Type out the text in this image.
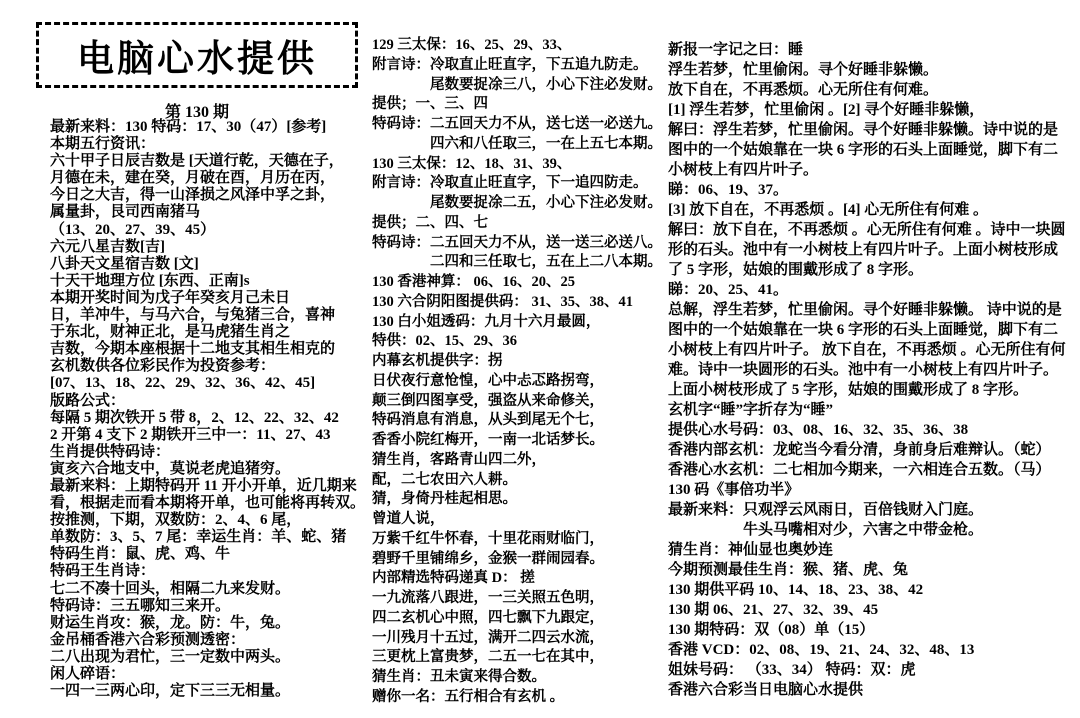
电脑心水提供
第 130 期
最新来料：130 特码：17、30（47）[参考]
本期五行资讯：
六十甲子日辰吉数是 [天道行乾，天德在子，
月德在未，建在癸，月破在酉，月历在丙，
今日之大吉，得一山泽损之风泽中孚之卦，
属量卦，艮司西南猪马
（13、20、27、39、45）
六元八星吉数[吉]
八卦天文星宿吉数 [文]
十天干地理方位 [东西、正南]s
本期开奖时间为戊子年癸亥月己未日
日，羊冲牛，与马六合，与兔猪三合，喜神
于东北，财神正北，是马虎猪生肖之
吉数，今期本座根据十二地支其相生相克的
玄机数供各位彩民作为投资参考：
[07、13、18、22、29、32、36、42、45]
版路公式：
每隔 5 期次铁开 5 带 8，2、12、22、32、42
2 开第 4 支下 2 期铁开三中一：11、27、43
生肖提供特码诗：
寅亥六合地支中，莫说老虎追猪穷。
最新来料：上期特码开 11 开小开单，近几期来
看，根据走而看本期将开单，也可能将再转双。
按推测，下期，双数防：2、4、6 尾，
单数防：3、5、7 尾：幸运生肖：羊、蛇、猪
特码生肖：鼠、虎、鸡、牛
特码王生肖诗：
七二不凑十回头，相隔二九来发财。
特码诗：三五哪知三来开。
财运生肖攻：猴，龙。防：牛，兔。
金吊桶香港六合彩预测透密：
二八出现为君忙，三一定数中两头。
闲人碎语：
一四一三两心印，定下三三无相量。
129 三太保：16、25、29、33、
附言诗：冷取直止旺直字，下五追九防走。
尾数要捉凃三八，小心下注必发财。
提供；一、三、四
特码诗：二五回天力不从，送七送一必送九。
四六和八任取三，一在上五七本期。
130 三太保：12、18、31、39、
附言诗：冷取直止旺直字，下一追四防走。
尾数要捉凃二五，小心下注必发财。
提供；二、四、七
特码诗：二五回天力不从，送一送三必送八。
二四和三任取七，五在上二八本期。
130 香港神算： 06、16、20、25
130 六合阴阳图提供码： 31、35、38、41
130 白小姐透码：九月十六月最圆，
特供：02、15、29、36
内幕玄机提供字：拐
日伏夜行意怆惶，心中忐忑路拐弯，
颠三倒四图享受，强盗从来命修关，
特码消息有消息，从头到尾无个七，
香香小院红梅开，一南一北话梦长。
猜生肖，客路青山四二外，
配，二七农田六人耕。
猜，身倚丹桂起相思。
曾道人说，
万紫千红牛怀春，十里花雨财临门，
碧野千里铺绵乡，金猴一群闹园春。
内部精选特码递真 D： 搓
一九流落八跟进，一三关照五色明，
四二玄机心中照，四七飘下九跟定，
一川残月十五过，满开二四云水流，
三更枕上富贵梦，二五一七在其中，
猜生肖：丑未寅来得合数。
赠你一名：五行相合有玄机 。
新报一字记之曰：睡
浮生若梦，忙里偷闲。寻个好睡非躲懒。
放下自在，不再悉烦。心无所住有何难。
[1] 浮生若梦，忙里偷闲 。[2] 寻个好睡非躲懒，
解曰：浮生若梦，忙里偷闲。寻个好睡非躲懒。诗中说的是
图中的一个姑娘靠在一块 6 字形的石头上面睡觉，脚下有二
小树枝上有四片叶子。
睇：06、19、37。
[3] 放下自在，不再悉烦 。[4] 心无所住有何难 。
解曰：放下自在，不再悉烦 。心无所住有何难 。诗中一块圆
形的石头。池中有一小树枝上有四片叶子。上面小树枝形成
了 5 字形，姑娘的围戴形成了 8 字形。
睇：20、25、41。
总解，浮生若梦，忙里偷闲。寻个好睡非躲懒。 诗中说的是
图中的一个姑娘靠在一块 6 字形的石头上面睡觉，脚下有二
小树枝上有四片叶子。 放下自在，不再悉烦 。心无所住有何
难。诗中一块圆形的石头。池中有一小树枝上有四片叶子。
上面小树枝形成了 5 字形，姑娘的围戴形成了 8 字形。
玄机字“睡”字折存为“睡”
提供心水号码：03、08、16、32、35、36、38
香港内部玄机：龙蛇当今看分清，身前身后难辩认。（蛇）
香港心水玄机：二七相加今期来，一六相连合五数。（马）
130 码《事倍功半》
最新来料：只观浮云风雨日，百倍钱财入门庭。
牛头马嘴相对少，六害之中带金枪。
猜生肖：神仙显也奥妙连
今期预测最佳生肖：猴、猪、虎、兔
130 期供平码 10、14、18、23、38、42
130 期 06、21、27、32、39、45
130 期特码：双（08）单（15）
香港 VCD：02、08、19、21、24、32、48、13
姐妹号码： （33、34） 特码：双：虎
香港六合彩当日电脑心水提供
